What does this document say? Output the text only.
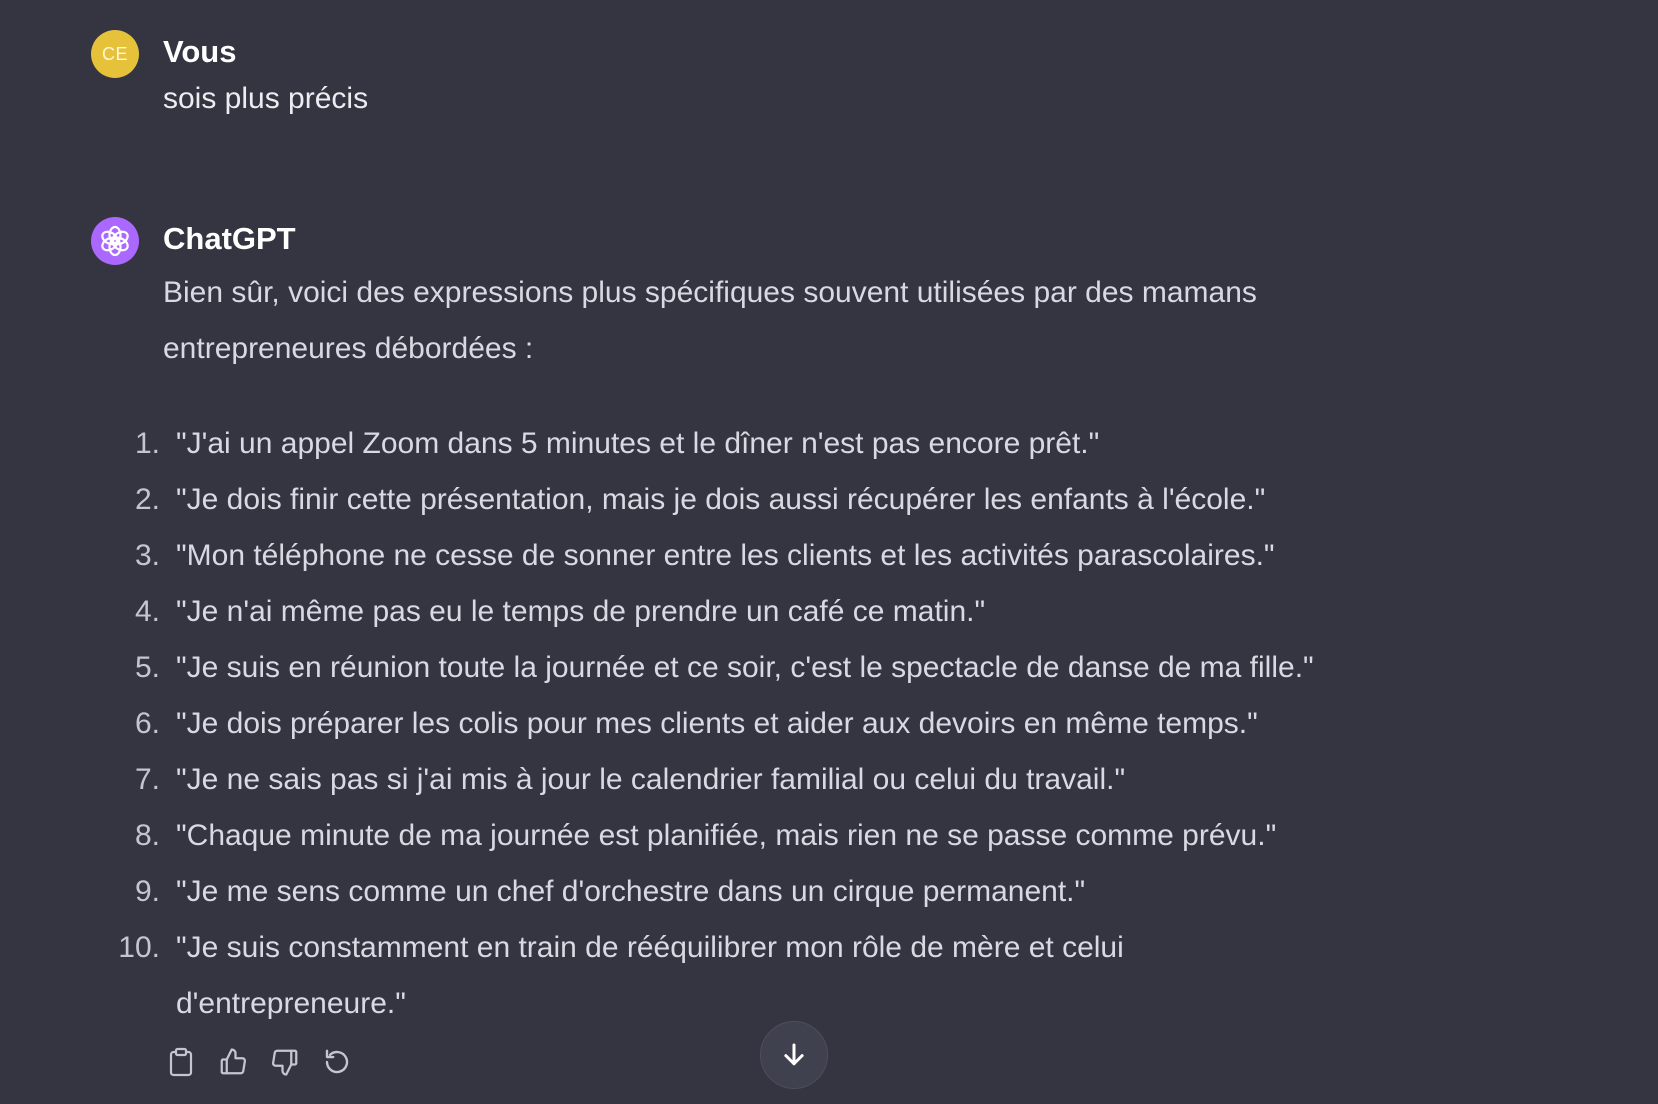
CE Vous
sois plus précis
ChatGPT
Bien sûr, voici des expressions plus spécifiques souvent utilisées par des mamans entrepreneures débordées :
1. "J'ai un appel Zoom dans 5 minutes et le dîner n'est pas encore prêt."
2. "Je dois finir cette présentation, mais je dois aussi récupérer les enfants à l'école."
3. "Mon téléphone ne cesse de sonner entre les clients et les activités parascolaires."
4. "Je n'ai même pas eu le temps de prendre un café ce matin."
5. "Je suis en réunion toute la journée et ce soir, c'est le spectacle de danse de ma fille."
6. "Je dois préparer les colis pour mes clients et aider aux devoirs en même temps."
7. "Je ne sais pas si j'ai mis à jour le calendrier familial ou celui du travail."
8. "Chaque minute de ma journée est planifiée, mais rien ne se passe comme prévu."
9. "Je me sens comme un chef d'orchestre dans un cirque permanent."
10. "Je suis constamment en train de rééquilibrer mon rôle de mère et celui d'entrepreneure."
